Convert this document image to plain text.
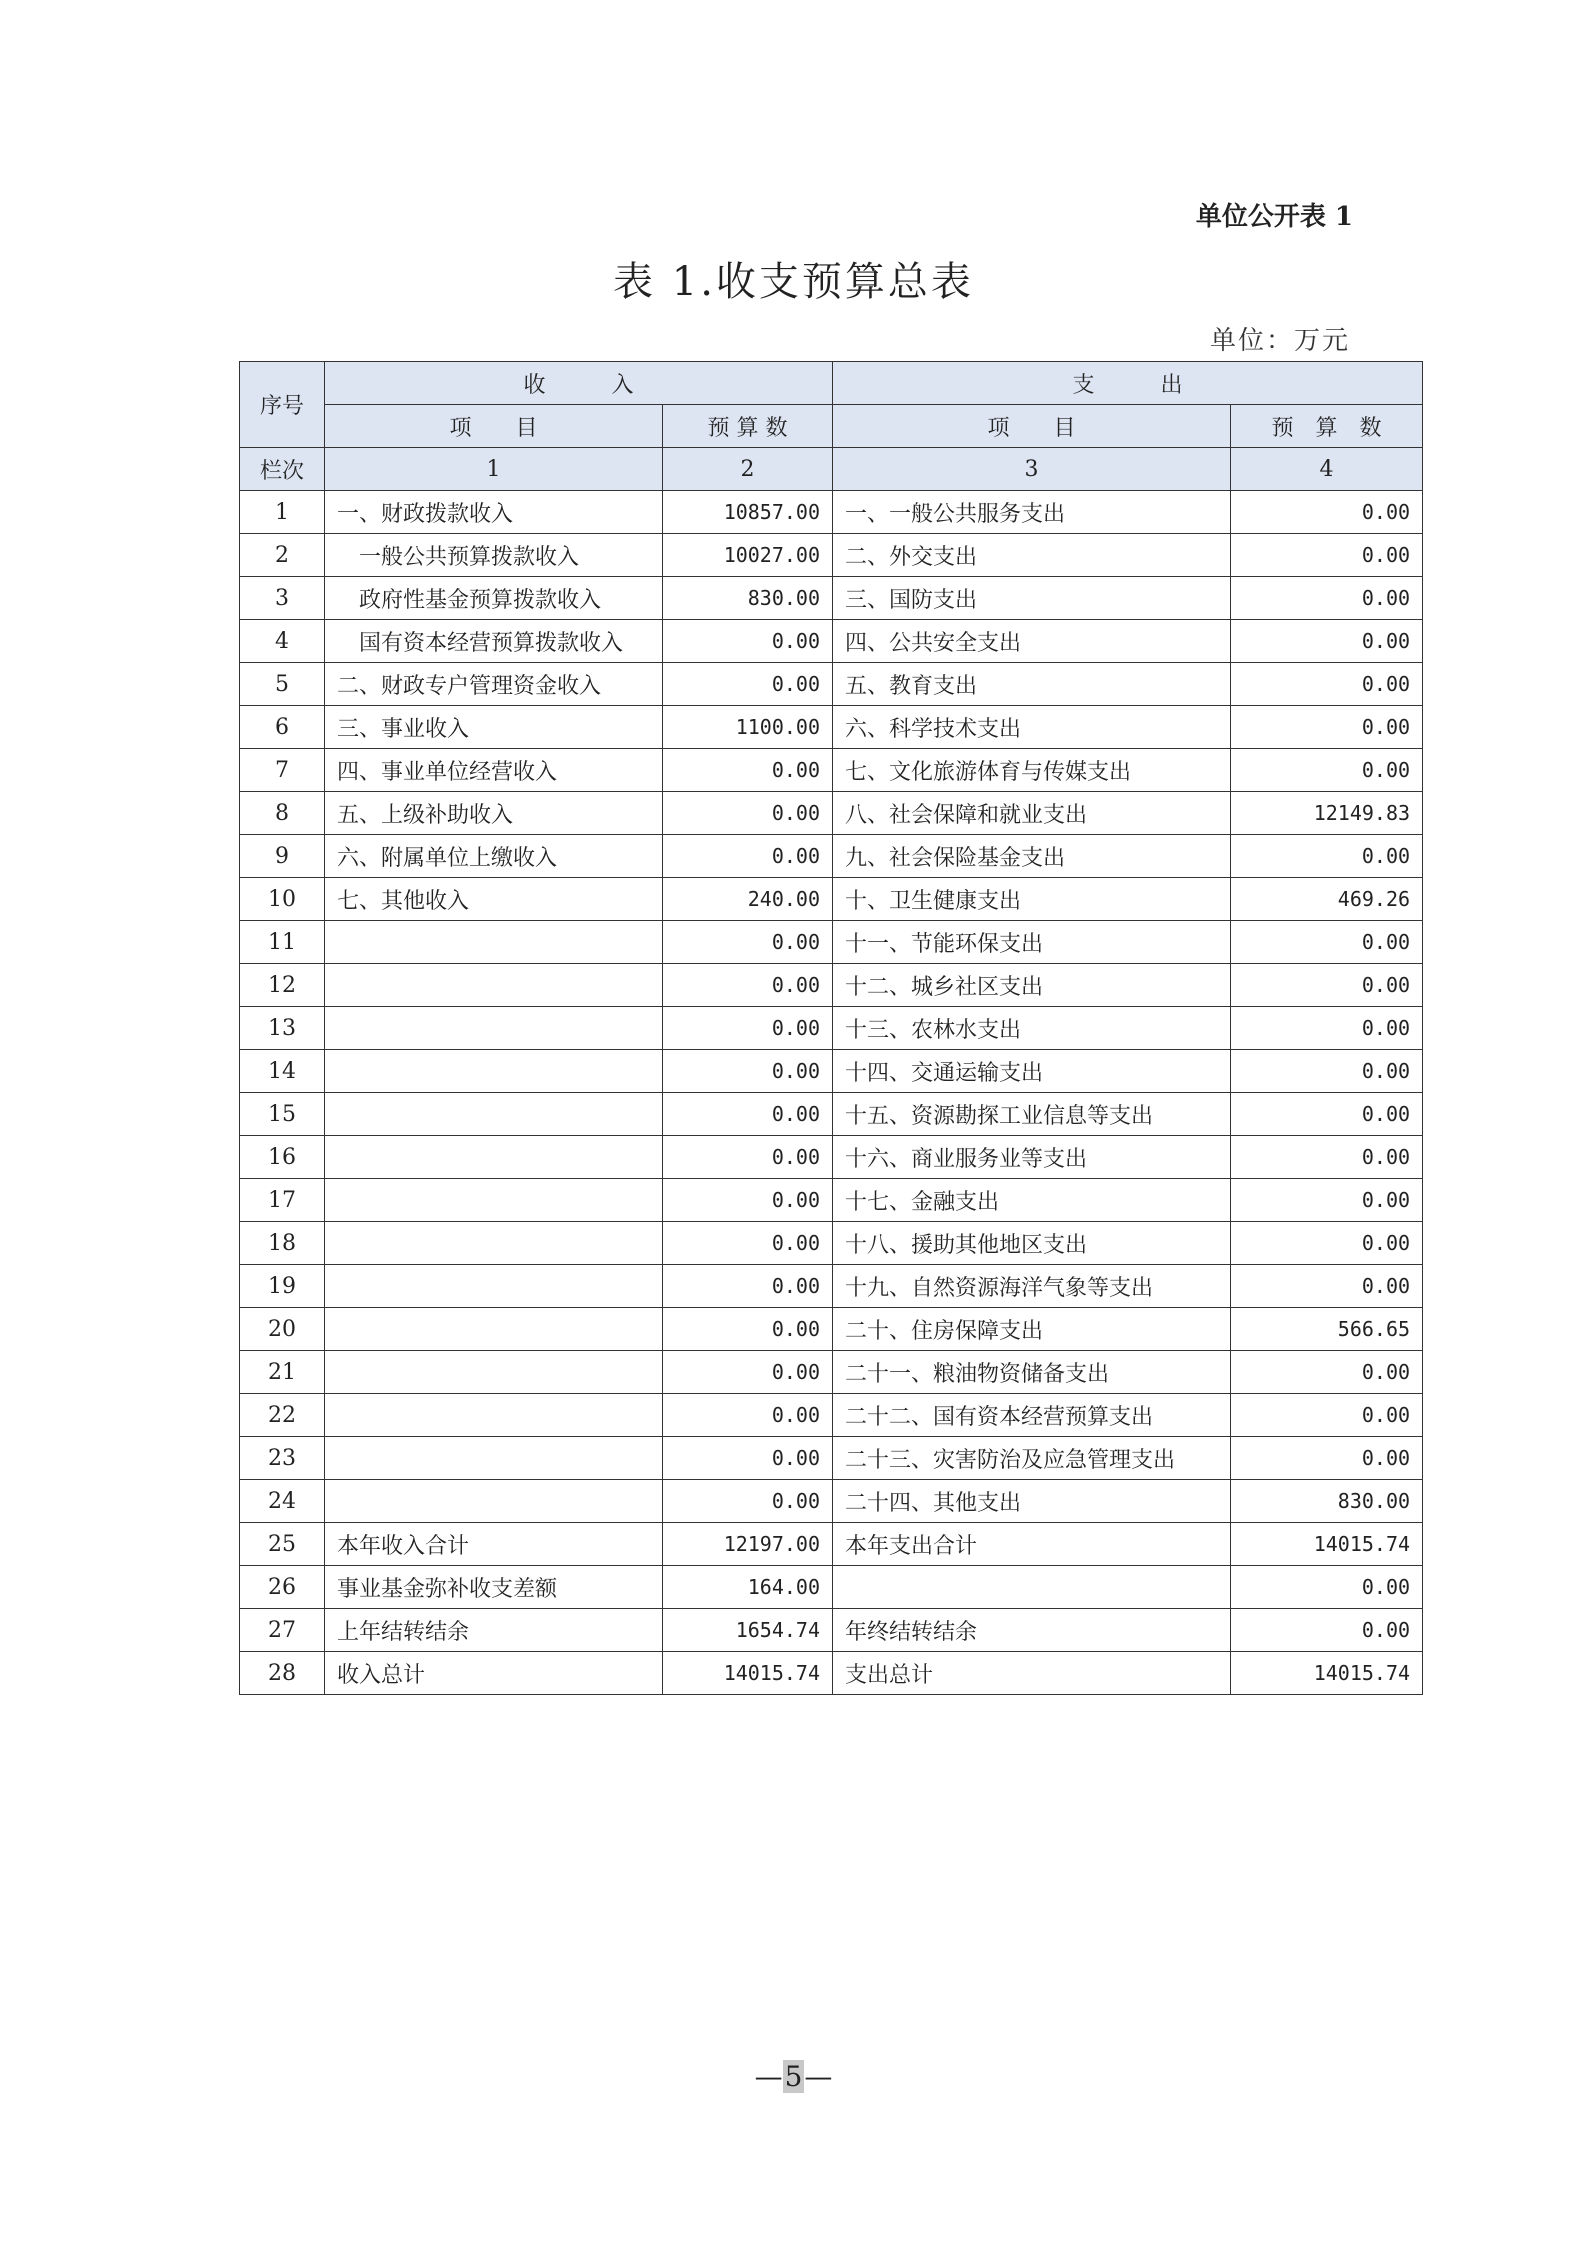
单位公开表 1
表 1.收支预算总表
单位：万元
序号	收　　　入		支　　　出	
	项　　目	预 算 数	项　　目	预　算　数
栏次	1	2	3	4
1	一、财政拨款收入	10857.00	一、一般公共服务支出	0.00
2	　一般公共预算拨款收入	10027.00	二、外交支出	0.00
3	　政府性基金预算拨款收入	830.00	三、国防支出	0.00
4	　国有资本经营预算拨款收入	0.00	四、公共安全支出	0.00
5	二、财政专户管理资金收入	0.00	五、教育支出	0.00
6	三、事业收入	1100.00	六、科学技术支出	0.00
7	四、事业单位经营收入	0.00	七、文化旅游体育与传媒支出	0.00
8	五、上级补助收入	0.00	八、社会保障和就业支出	12149.83
9	六、附属单位上缴收入	0.00	九、社会保险基金支出	0.00
10	七、其他收入	240.00	十、卫生健康支出	469.26
11		0.00	十一、节能环保支出	0.00
12		0.00	十二、城乡社区支出	0.00
13		0.00	十三、农林水支出	0.00
14		0.00	十四、交通运输支出	0.00
15		0.00	十五、资源勘探工业信息等支出	0.00
16		0.00	十六、商业服务业等支出	0.00
17		0.00	十七、金融支出	0.00
18		0.00	十八、援助其他地区支出	0.00
19		0.00	十九、自然资源海洋气象等支出	0.00
20		0.00	二十、住房保障支出	566.65
21		0.00	二十一、粮油物资储备支出	0.00
22		0.00	二十二、国有资本经营预算支出	0.00
23		0.00	二十三、灾害防治及应急管理支出	0.00
24		0.00	二十四、其他支出	830.00
25	本年收入合计	12197.00	本年支出合计	14015.74
26	事业基金弥补收支差额	164.00		0.00
27	上年结转结余	1654.74	年终结转结余	0.00
28	收入总计	14015.74	支出总计	14015.74
—5—
